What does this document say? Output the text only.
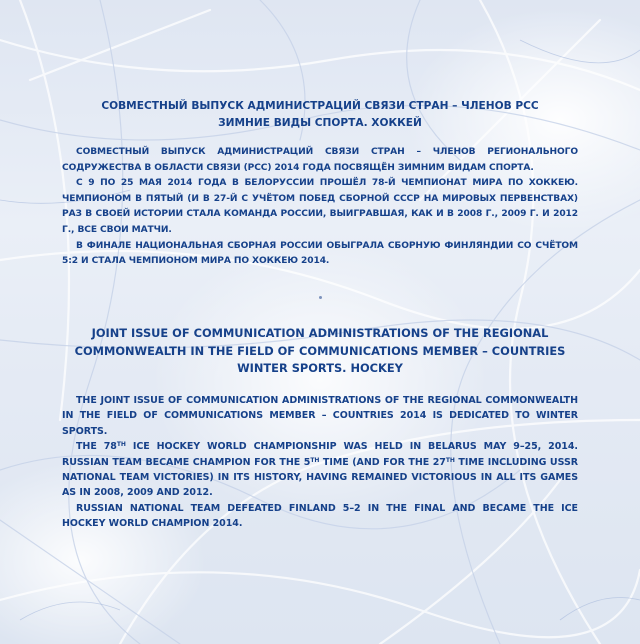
СОВМЕСТНЫЙ ВЫПУСК АДМИНИСТРАЦИЙ СВЯЗИ СТРАН – ЧЛЕНОВ РСС
ЗИМНИЕ ВИДЫ СПОРТА. ХОККЕЙ

СОВМЕСТНЫЙ ВЫПУСК АДМИНИСТРАЦИЙ СВЯЗИ СТРАН – ЧЛЕНОВ РЕГИОНАЛЬНОГО СОДРУЖЕСТВА В ОБЛАСТИ СВЯЗИ (РСС) 2014 ГОДА ПОСВЯЩЁН ЗИМНИМ ВИДАМ СПОРТА.

С 9 ПО 25 МАЯ 2014 ГОДА В БЕЛОРУССИИ ПРОШЁЛ 78-Й ЧЕМПИОНАТ МИРА ПО ХОККЕЮ. ЧЕМПИОНОМ В ПЯТЫЙ (И В 27-Й С УЧЁТОМ ПОБЕД СБОРНОЙ СССР НА МИРОВЫХ ПЕРВЕНСТВАХ) РАЗ В СВОЕЙ ИСТОРИИ СТАЛА КОМАНДА РОССИИ, ВЫИГРАВШАЯ, КАК И В 2008 Г., 2009 Г. И 2012 Г., ВСЕ СВОИ МАТЧИ.

В ФИНАЛЕ НАЦИОНАЛЬНАЯ СБОРНАЯ РОССИИ ОБЫГРАЛА СБОРНУЮ ФИНЛЯНДИИ СО СЧЁТОМ 5:2 И СТАЛА ЧЕМПИОНОМ МИРА ПО ХОККЕЮ 2014.

JOINT ISSUE OF COMMUNICATION ADMINISTRATIONS OF THE REGIONAL
COMMONWEALTH IN THE FIELD OF COMMUNICATIONS MEMBER – COUNTRIES
WINTER SPORTS. HOCKEY

THE JOINT ISSUE OF COMMUNICATION ADMINISTRATIONS OF THE REGIONAL COMMONWEALTH IN THE FIELD OF COMMUNICATIONS MEMBER – COUNTRIES 2014 IS DEDICATED TO WINTER SPORTS.

THE 78TH ICE HOCKEY WORLD CHAMPIONSHIP WAS HELD IN BELARUS MAY 9–25, 2014. RUSSIAN TEAM BECAME CHAMPION FOR THE 5TH TIME (AND FOR THE 27TH TIME INCLUDING USSR NATIONAL TEAM VICTORIES) IN ITS HISTORY, HAVING REMAINED VICTORIOUS IN ALL ITS GAMES AS IN 2008, 2009 AND 2012.

RUSSIAN NATIONAL TEAM DEFEATED FINLAND 5–2 IN THE FINAL AND BECAME THE ICE HOCKEY WORLD CHAMPION 2014.
